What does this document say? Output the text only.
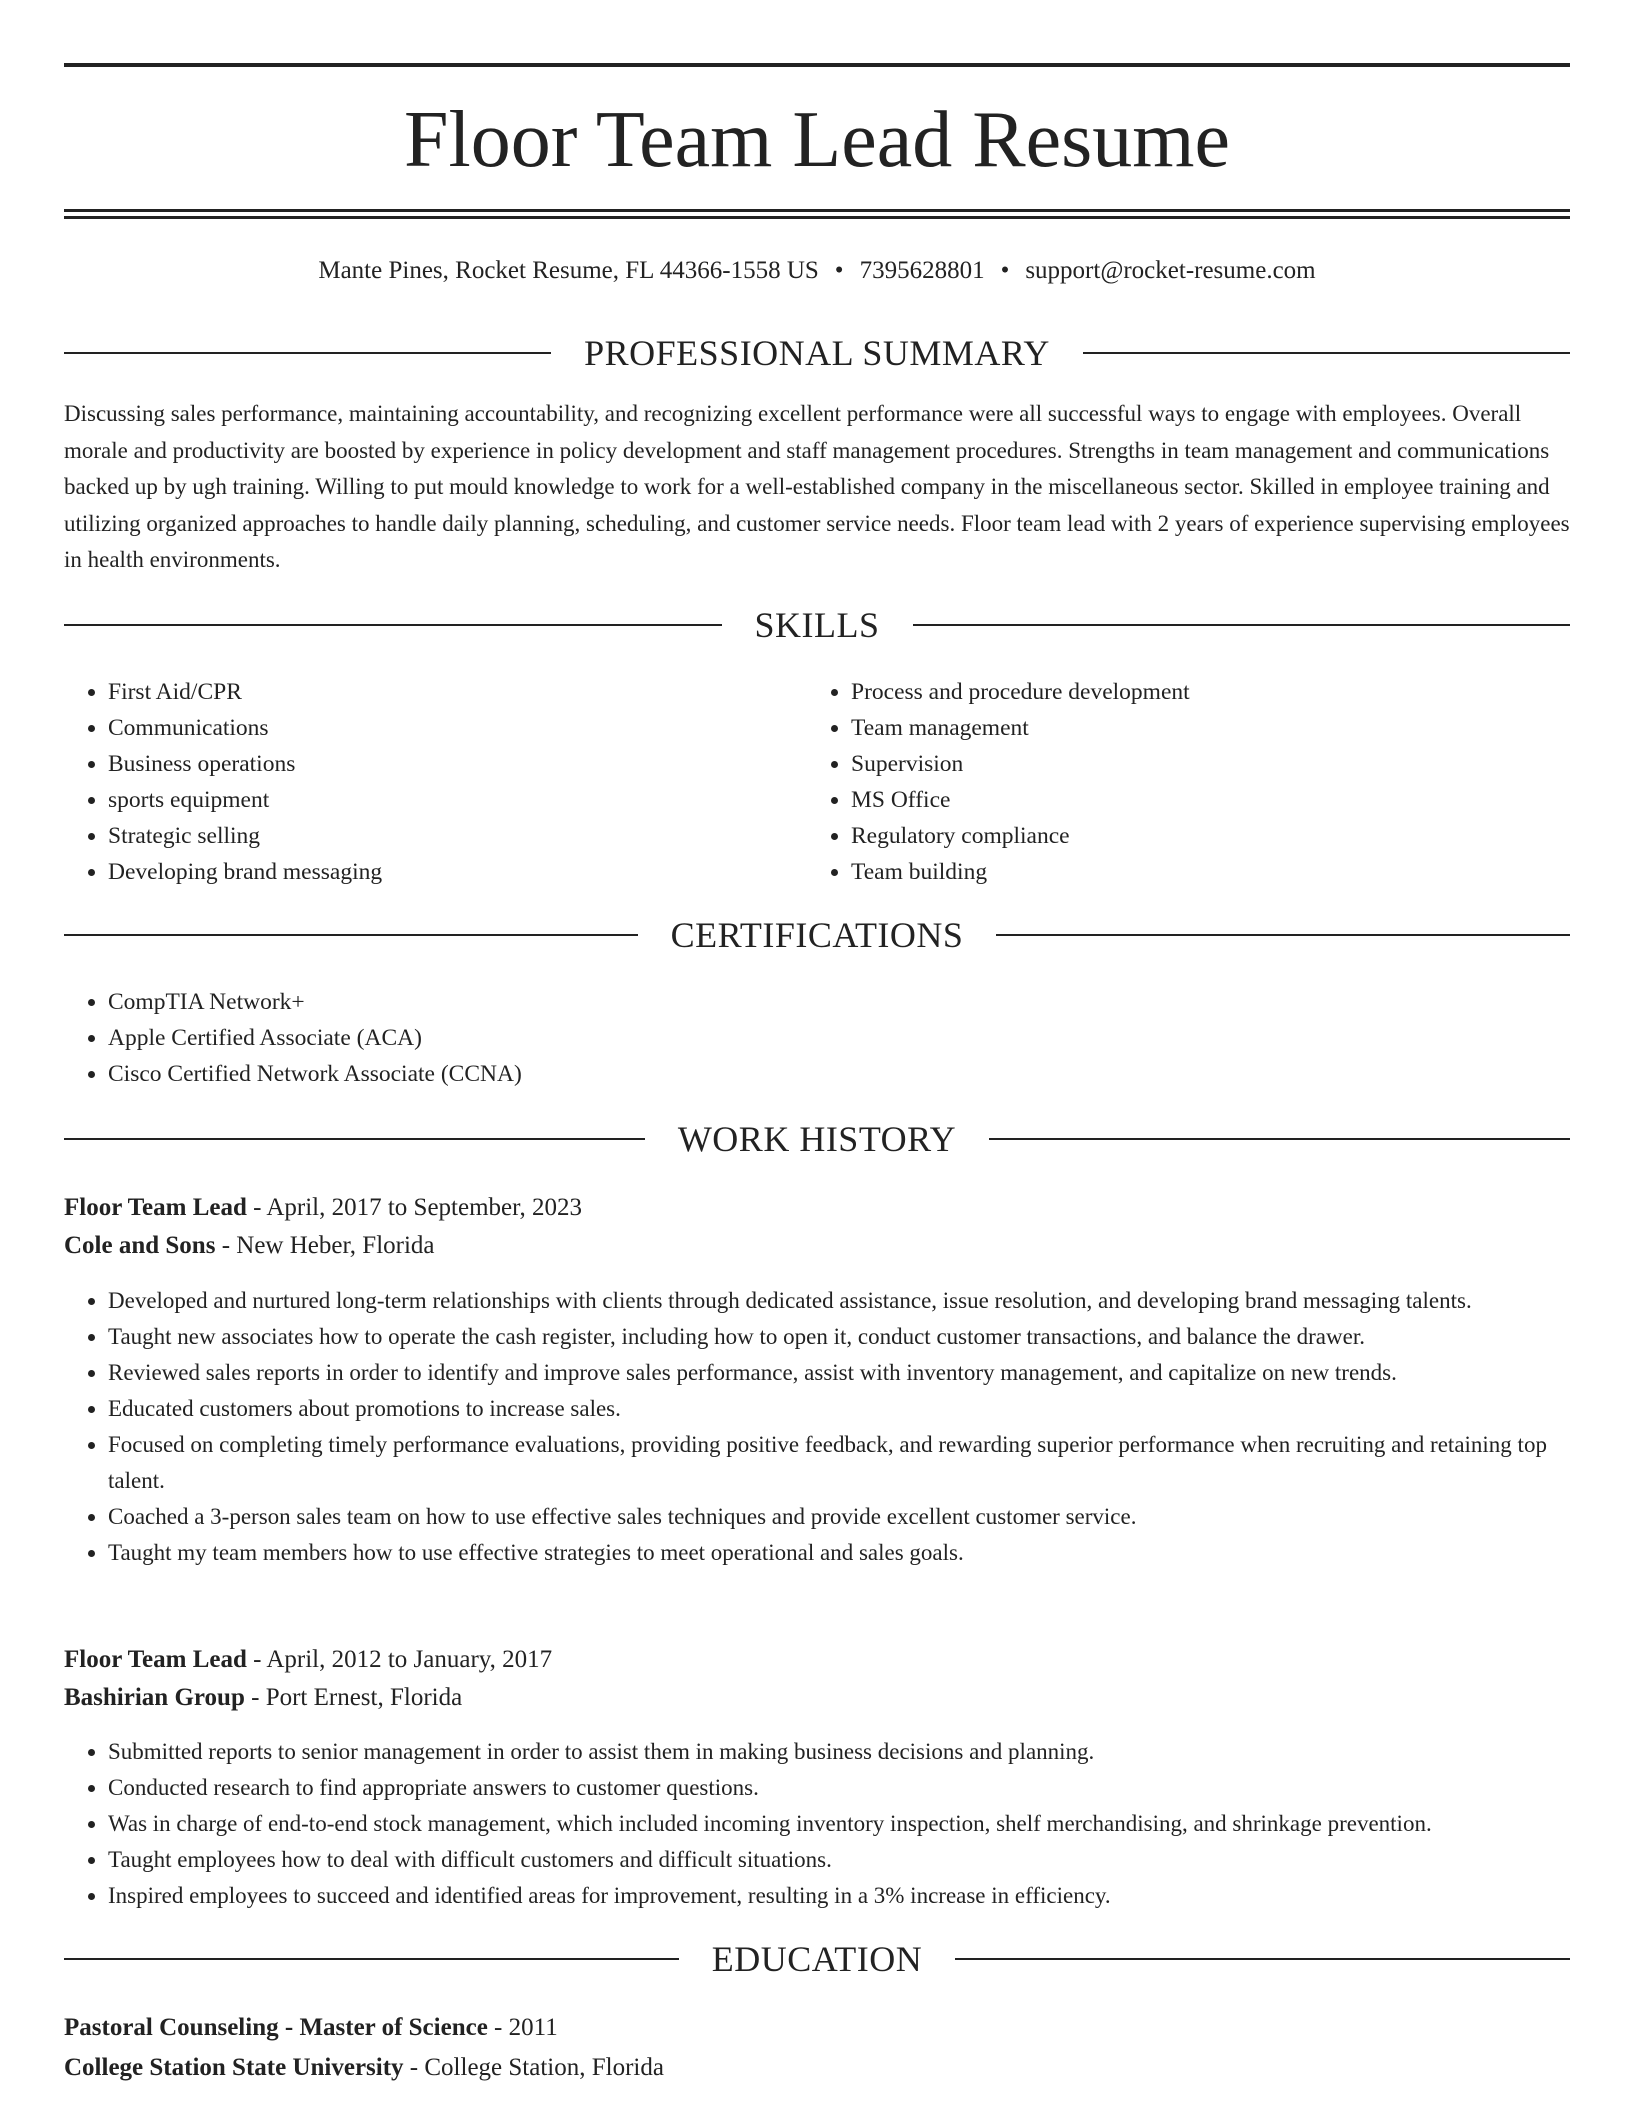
Floor Team Lead Resume
Mante Pines, Rocket Resume, FL 44366-1558 US • 7395628801 • support@rocket-resume.com
PROFESSIONAL SUMMARY

Discussing sales performance, maintaining accountability, and recognizing excellent performance were all successful ways to engage with employees. Overall morale and productivity are boosted by experience in policy development and staff management procedures. Strengths in team management and communications backed up by ugh training. Willing to put mould knowledge to work for a well-established company in the miscellaneous sector. Skilled in employee training and utilizing organized approaches to handle daily planning, scheduling, and customer service needs. Floor team lead with 2 years of experience supervising employees in health environments.

SKILLS
• First Aid/CPR
• Communications
• Business operations
• sports equipment
• Strategic selling
• Developing brand messaging
• Process and procedure development
• Team management
• Supervision
• MS Office
• Regulatory compliance
• Team building
CERTIFICATIONS
• CompTIA Network+
• Apple Certified Associate (ACA)
• Cisco Certified Network Associate (CCNA)
WORK HISTORY
Floor Team Lead - April, 2017 to September, 2023
Cole and Sons - New Heber, Florida
• Developed and nurtured long-term relationships with clients through dedicated assistance, issue resolution, and developing brand messaging talents.
• Taught new associates how to operate the cash register, including how to open it, conduct customer transactions, and balance the drawer.
• Reviewed sales reports in order to identify and improve sales performance, assist with inventory management, and capitalize on new trends.
• Educated customers about promotions to increase sales.
• Focused on completing timely performance evaluations, providing positive feedback, and rewarding superior performance when recruiting and retaining top talent.
• Coached a 3-person sales team on how to use effective sales techniques and provide excellent customer service.
• Taught my team members how to use effective strategies to meet operational and sales goals.
Floor Team Lead - April, 2012 to January, 2017
Bashirian Group - Port Ernest, Florida
• Submitted reports to senior management in order to assist them in making business decisions and planning.
• Conducted research to find appropriate answers to customer questions.
• Was in charge of end-to-end stock management, which included incoming inventory inspection, shelf merchandising, and shrinkage prevention.
• Taught employees how to deal with difficult customers and difficult situations.
• Inspired employees to succeed and identified areas for improvement, resulting in a 3% increase in efficiency.
EDUCATION
Pastoral Counseling - Master of Science - 2011
College Station State University - College Station, Florida
